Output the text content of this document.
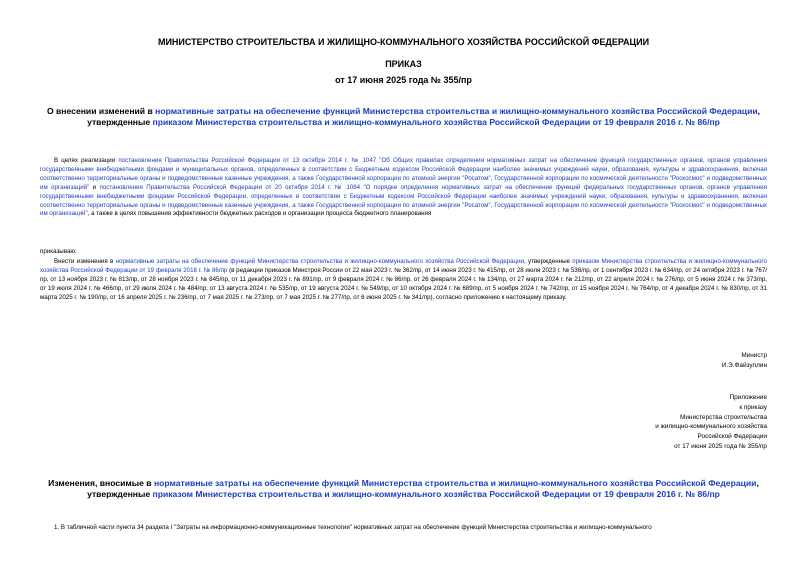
МИНИСТЕРСТВО СТРОИТЕЛЬСТВА И ЖИЛИЩНО-КОММУНАЛЬНОГО ХОЗЯЙСТВА РОССИЙСКОЙ ФЕДЕРАЦИИ
ПРИКАЗ
от 17 июня 2025 года № 355/пр
О внесении изменений в нормативные затраты на обеспечение функций Министерства строительства и жилищно-коммунального хозяйства Российской Федерации, утвержденные приказом Министерства строительства и жилищно-коммунального хозяйства Российской Федерации от 19 февраля 2016 г. № 86/пр
В целях реализации постановления Правительства Российской Федерации от 13 октября 2014 г. № 1047 "Об Общих правилах определения нормативных затрат на обеспечение функций государственных органов, органов управления государственными внебюджетными фондами и муниципальных органов, определенных в соответствии с Бюджетным кодексом Российской Федерации наиболее значимых учреждений науки, образования, культуры и здравоохранения, включая соответственно территориальные органы и подведомственные казенные учреждения, а также Государственной корпорации по атомной энергии "Росатом", Государственной корпорации по космической деятельности "Роскосмос" и подведомственных им организаций" и постановления Правительства Российской Федерации от 20 октября 2014 г. № 1084 "О порядке определения нормативных затрат на обеспечение функций федеральных государственных органов, органов управления государственными внебюджетными фондами Российской Федерации, определенных в соответствии с Бюджетным кодексом Российской Федерации наиболее значимых учреждений науки, образования, культуры и здравоохранения, включая соответственно территориальные органы и подведомственные казенные учреждения, а также Государственной корпорации по атомной энергии "Росатом", Государственной корпорации по космической деятельности "Роскосмос" и подведомственных им организаций", а также в целях повышения эффективности бюджетных расходов и организации процесса бюджетного планирования
приказываю:
Внести изменения в нормативные затраты на обеспечение функций Министерства строительства и жилищно-коммунального хозяйства Российской Федерации, утвержденные приказом Министерства строительства и жилищно-коммунального хозяйства Российской Федерации от 19 февраля 2016 г. № 86/пр (в редакции приказов Минстроя России от 22 мая 2023 г. № 362/пр, от 14 июня 2023 г. № 415/пр, от 28 июля 2023 г. № 536/пр, от 1 сентября 2023 г. № 634/пр, от 24 октября 2023 г. № 767/пр, от 13 ноября 2023 г. № 813/пр, от 28 ноября 2023 г. № 845/пр, от 11 декабря 2023 г. № 891/пр, от 9 февраля 2024 г. № 86/пр, от 26 февраля 2024 г. № 134/пр, от 27 марта 2024 г. № 212/пр, от 22 апреля 2024 г. № 276/пр, от 5 июня 2024 г. № 373/пр, от 19 июля 2024 г. № 466/пр, от 29 июля 2024 г. № 484/пр, от 13 августа 2024 г. № 535/пр, от 19 августа 2024 г. № 549/пр, от 10 октября 2024 г. № 689/пр, от 5 ноября 2024 г. № 742/пр, от 15 ноября 2024 г. № 764/пр, от 4 декабря 2024 г. № 830/пр, от 31 марта 2025 г. № 190/пр, от 16 апреля 2025 г. № 236/пр, от 7 мая 2025 г. № 273/пр, от 7 мая 2025 г. № 277/пр, от 6 июня 2025 г. № 341/пр), согласно приложению к настоящему приказу.
Министр
И.Э.Файзуллин
Приложение
к приказу
Министерства строительства
и жилищно-коммунального хозяйства
Российской Федерации
от 17 июня 2025 года № 355/пр
Изменения, вносимые в нормативные затраты на обеспечение функций Министерства строительства и жилищно-коммунального хозяйства Российской Федерации, утвержденные приказом Министерства строительства и жилищно-коммунального хозяйства Российской Федерации от 19 февраля 2016 г. № 86/пр
1. В табличной части пункта 34 раздела I "Затраты на информационно-коммуникационные технологии" нормативных затрат на обеспечение функций Министерства строительства и жилищно-коммунального
